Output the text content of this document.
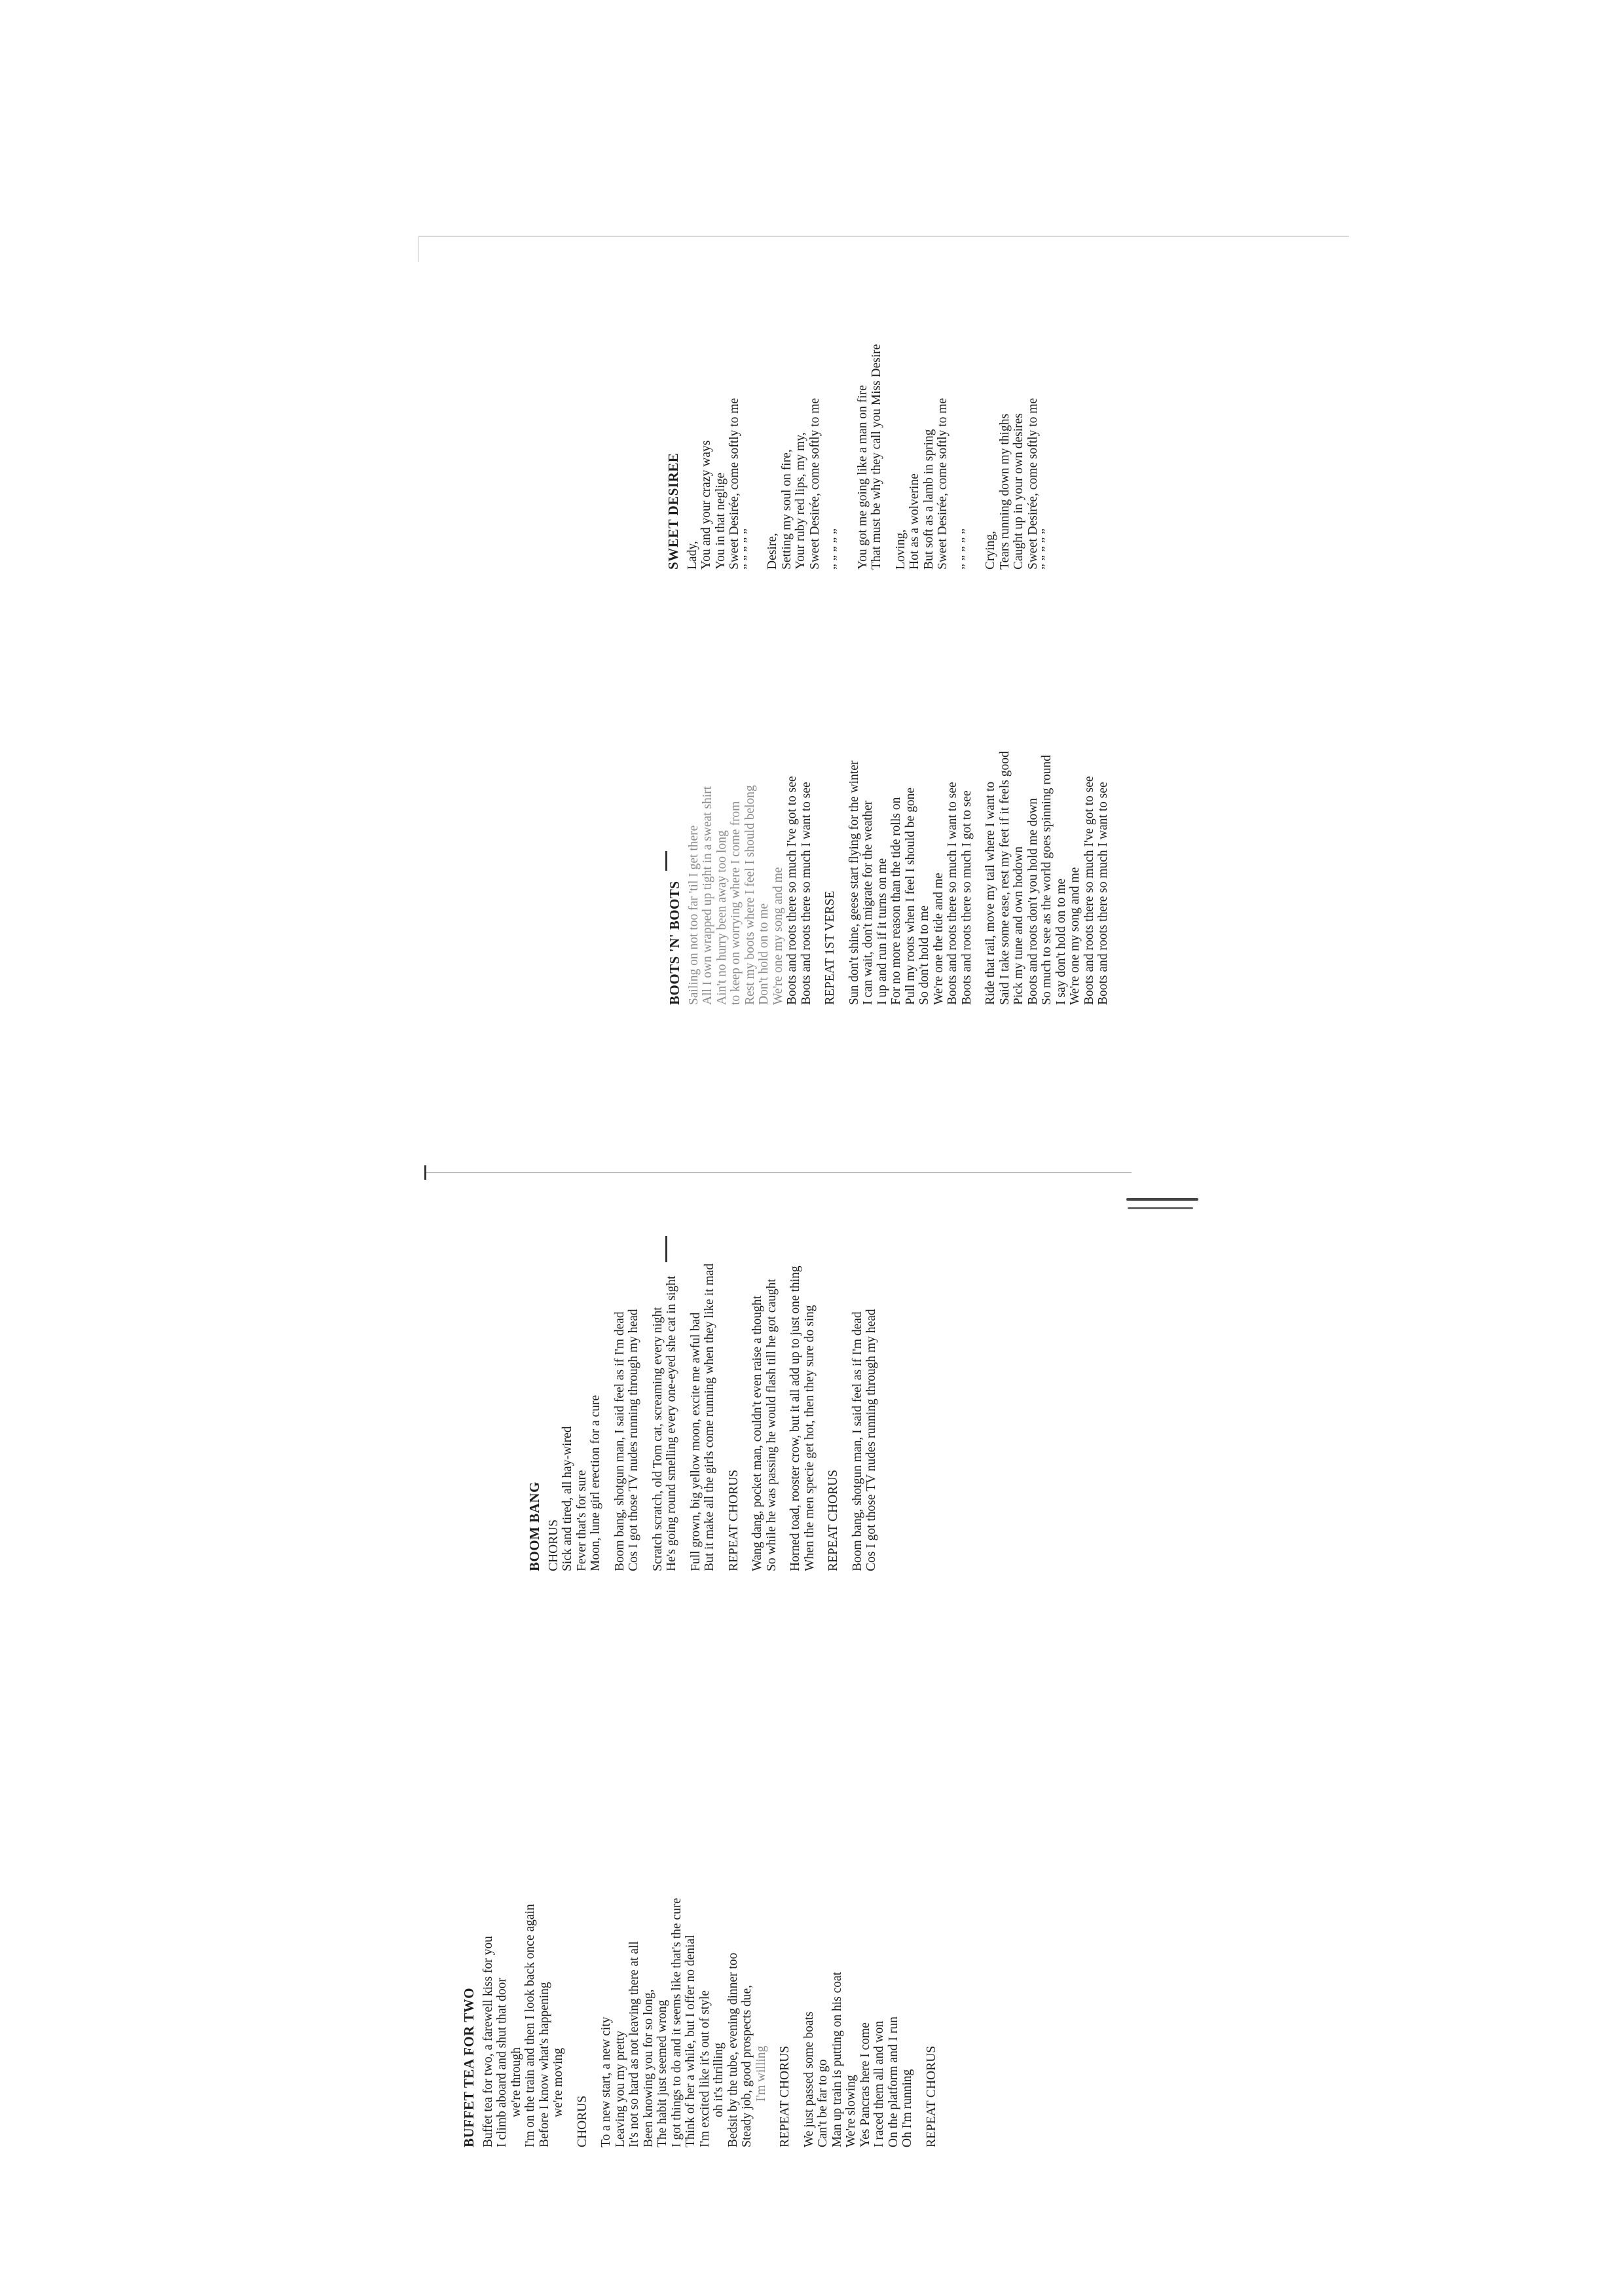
BUFFET TEA FOR TWO Buffet tea for two, a farewell kiss for you I climb aboard and shut that door we're through I'm on the train and then I look back once again Before I know what's happening we're moving
CHORUS To a new start, a new city Leaving you my pretty It's not so hard as not leaving there at all Been knowing you for so long, The habit just seemed wrong I got things to do and it seems like that's the cure Think of her a while, but I offer no denial I'm excited like it's out of style oh it's thrilling Bedsit by the tube, evening dinner too Steady job, good prospects due, I'm willing REPEAT CHORUS We just passed some boats Can't be far to go Man up train is putting on his coat We're slowing Yes Pancras here I come I raced them all and won On the platform and I run Oh I'm running REPEAT CHORUS
BOOM BANG CHORUS Sick and tired, all hay-wired Fever that's for sure Moon, lune girl erection for a cure Boom bang, shotgun man, I said feel as if I'm dead Cos I got those TV nudes running through my head Scratch scratch, old Tom cat, screaming every night He's going round smelling every one-eyed she cat in sight Full grown, big yellow moon, excite me awful bad But it make all the girls come running when they like it mad REPEAT CHORUS Wang dang, pocket man, couldn't even raise a thought So while he was passing he would flash till he got caught Horned toad, rooster crow, but it all add up to just one thing When the men specie get hot, then they sure do sing REPEAT CHORUS Boom bang, shotgun man, I said feel as if I'm dead Cos I got those TV nudes running through my head
BOOTS 'N' BOOTS Sailing on not too far 'til I get there All I own wrapped up tight in a sweat shirt Ain't no hurry been away too long to keep on worrying where I come from Rest my boots where I feel I should belong Don't hold on to me We're one my song and me Boots and roots there so much I've got to see Boots and roots there so much I want to see REPEAT 1ST VERSE Sun don't shine, geese start flying for the winter I can wait, don't migrate for the weather I up and run if it turns on me For no more reason than the tide rolls on Pull my roots when I feel I should be gone So don't hold to me We're one the tide and me Boots and roots there so much I want to see Boots and roots there so much I got to see Ride that rail, move my tail where I want to Said I take some ease, rest my feet if it feels good Pick my tune and own hodown Boots and roots don't you hold me down So much to see as the world goes spinning round I say don't hold on to me We're one my song and me Boots and roots there so much I've got to see Boots and roots there so much I want to see
SWEET DESIREE Lady, You and your crazy ways You in that neglige Sweet Desirée, come softly to me ” ” ” ” ” Desire, Setting my soul on fire, Your ruby red lips, my my, Sweet Desirée, come softly to me ” ” ” ” ” You got me going like a man on fire That must be why they call you Miss Desire Loving, Hot as a wolverine But soft as a lamb in spring Sweet Desirée, come softly to me ” ” ” ” ” Crying, Tears running down my thighs Caught up in your own desires Sweet Desirée, come softly to me ” ” ” ” ”
